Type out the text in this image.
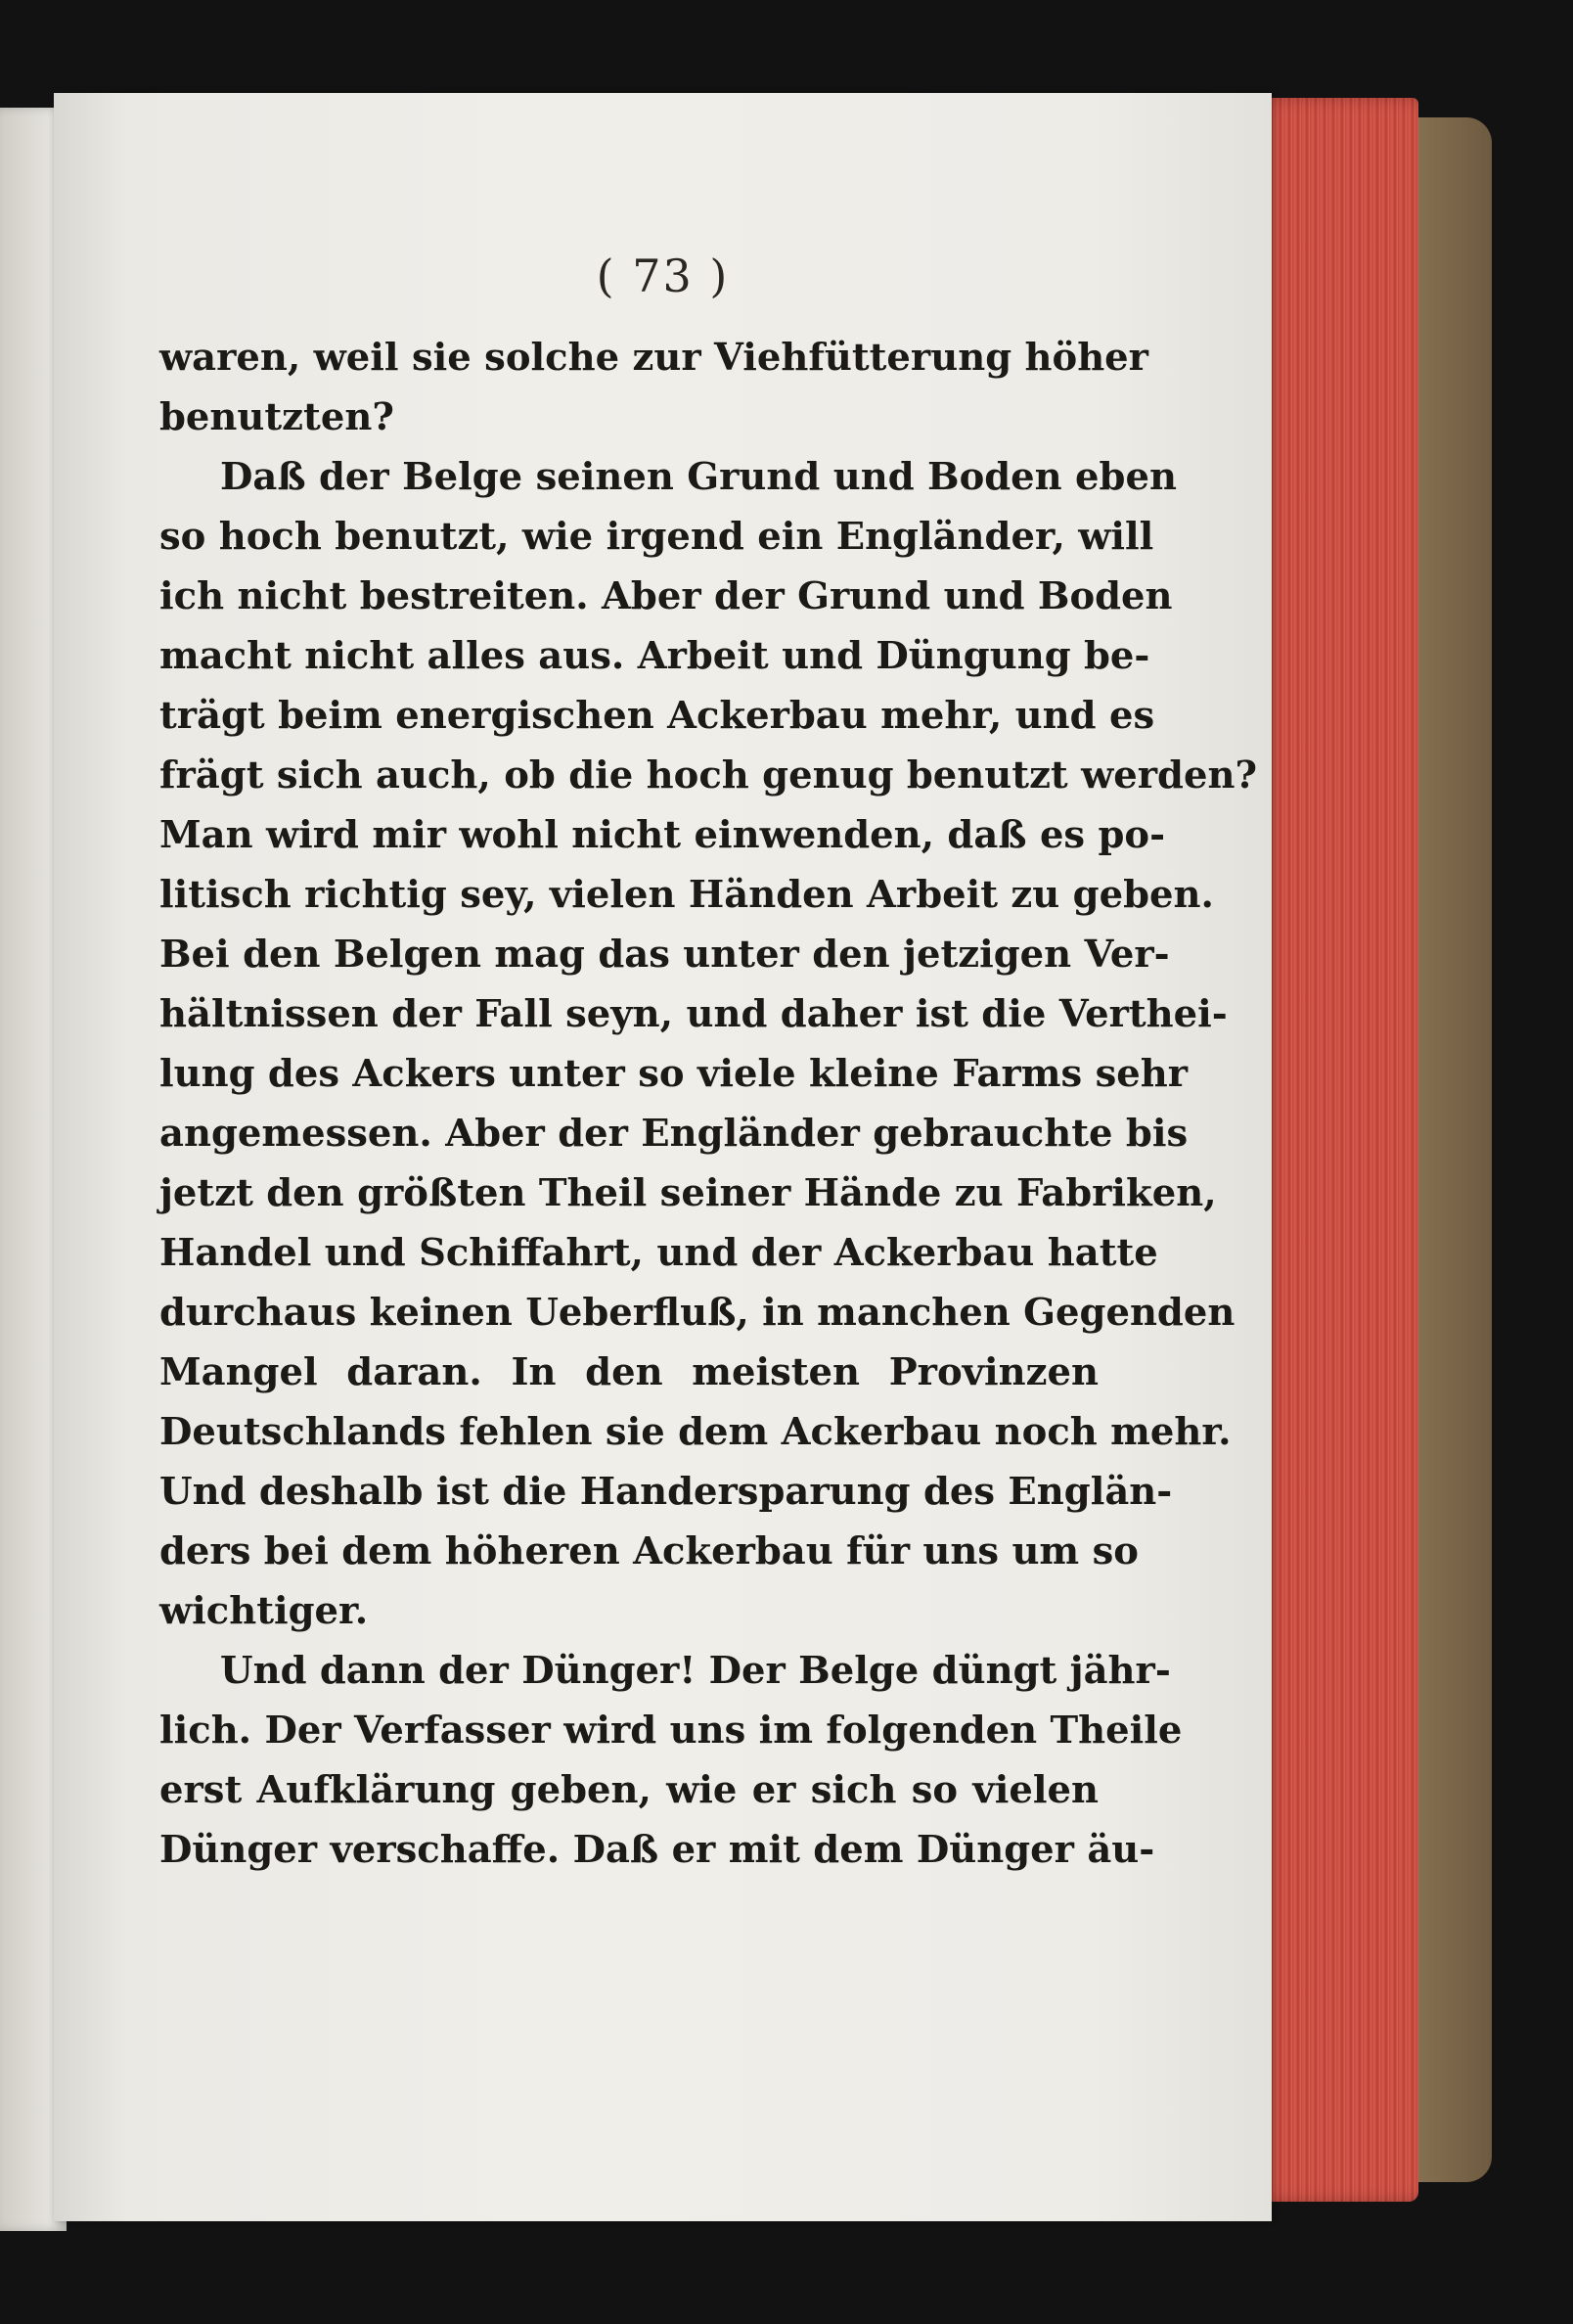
( 73 )
waren, weil sie solche zur Viehfütterung höher
benutzten?
Daß der Belge seinen Grund und Boden eben
so hoch benutzt, wie irgend ein Engländer, will
ich nicht bestreiten. Aber der Grund und Boden
macht nicht alles aus. Arbeit und Düngung be-
trägt beim energischen Ackerbau mehr, und es
frägt sich auch, ob die hoch genug benutzt werden?
Man wird mir wohl nicht einwenden, daß es po-
litisch richtig sey, vielen Händen Arbeit zu geben.
Bei den Belgen mag das unter den jetzigen Ver-
hältnissen der Fall seyn, und daher ist die Verthei-
lung des Ackers unter so viele kleine Farms sehr
angemessen. Aber der Engländer gebrauchte bis
jetzt den größten Theil seiner Hände zu Fabriken,
Handel und Schiffahrt, und der Ackerbau hatte
durchaus keinen Ueberfluß, in manchen Gegenden
Mangel daran. In den meisten Provinzen
Deutschlands fehlen sie dem Ackerbau noch mehr.
Und deshalb ist die Handersparung des Englän-
ders bei dem höheren Ackerbau für uns um so
wichtiger.
Und dann der Dünger! Der Belge düngt jähr-
lich. Der Verfasser wird uns im folgenden Theile
erst Aufklärung geben, wie er sich so vielen
Dünger verschaffe. Daß er mit dem Dünger äu-
